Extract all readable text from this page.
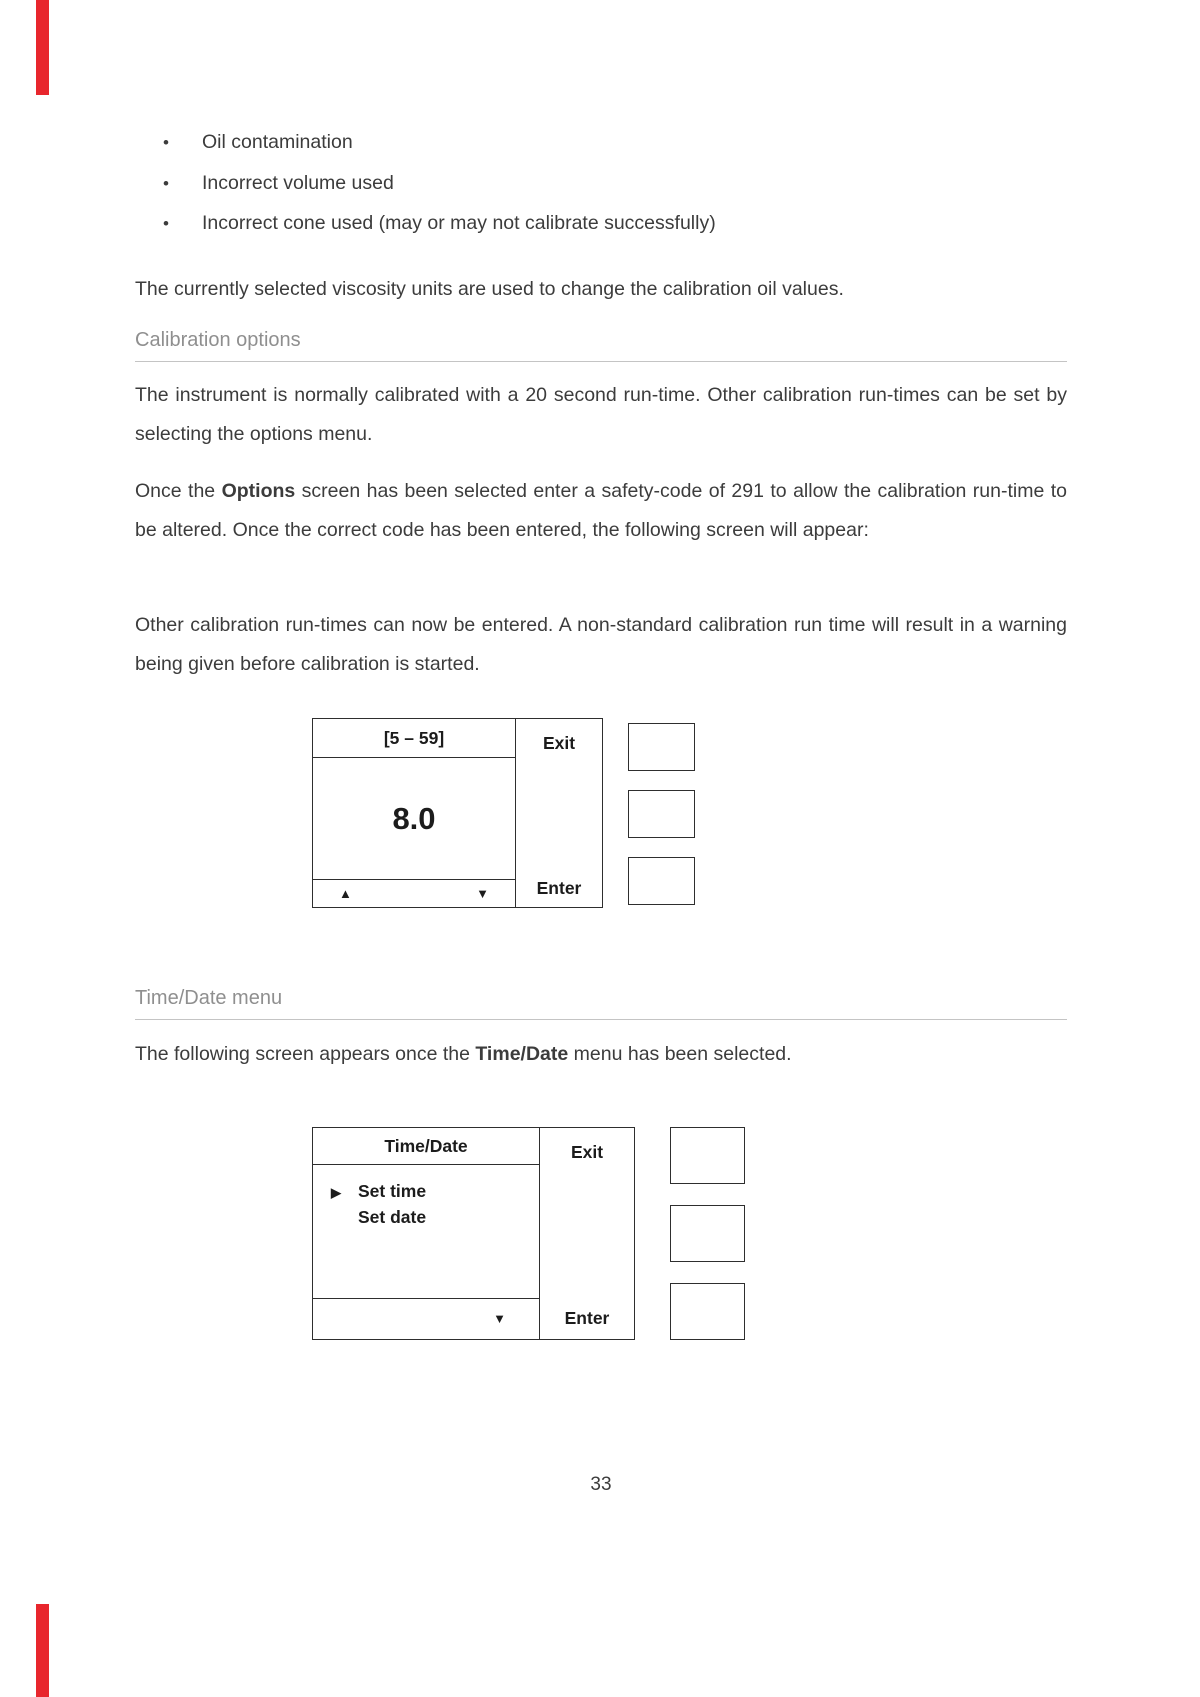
•	Oil contamination
•	Incorrect volume used
•	Incorrect cone used (may or may not calibrate successfully)

The currently selected viscosity units are used to change the calibration oil values.

Calibration options

The instrument is normally calibrated with a 20 second run-time. Other calibration run-times can be set by selecting the options menu.

Once the Options screen has been selected enter a safety-code of 291 to allow the calibration run-time to be altered. Once the correct code has been entered, the following screen will appear:

Other calibration run-times can now be entered. A non-standard calibration run time will result in a warning being given before calibration is started.

[5 – 59]
8.0
▲	▼
Exit
Enter
Time/Date menu

The following screen appears once the Time/Date menu has been selected.

Time/Date
▶ Set time
Set date
▼
Exit
Enter
33
